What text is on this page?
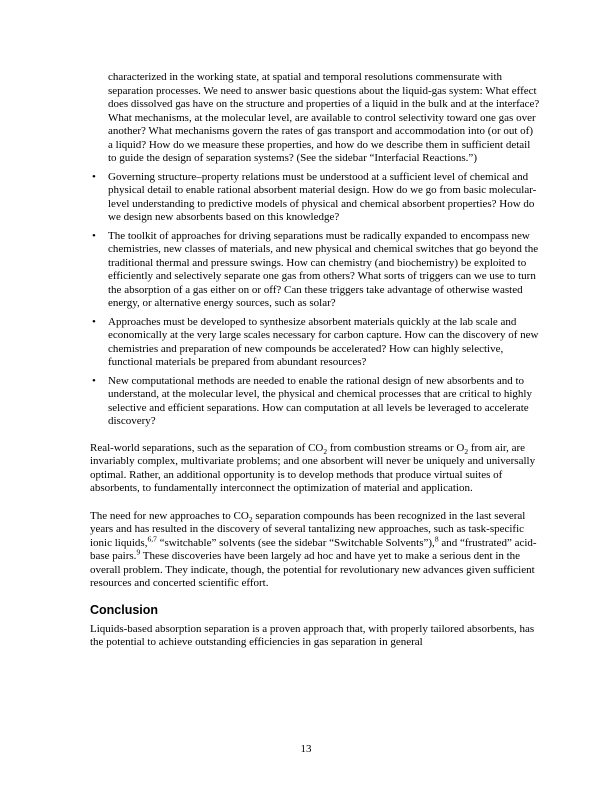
characterized in the working state, at spatial and temporal resolutions commensurate with separation processes. We need to answer basic questions about the liquid-gas system: What effect does dissolved gas have on the structure and properties of a liquid in the bulk and at the interface? What mechanisms, at the molecular level, are available to control selectivity toward one gas over another? What mechanisms govern the rates of gas transport and accommodation into (or out of) a liquid? How do we measure these properties, and how do we describe them in sufficient detail to guide the design of separation systems? (See the sidebar “Interfacial Reactions.”)

• Governing structure–property relations must be understood at a sufficient level of chemical and physical detail to enable rational absorbent material design. How do we go from basic molecular-level understanding to predictive models of physical and chemical absorbent properties? How do we design new absorbents based on this knowledge?
• The toolkit of approaches for driving separations must be radically expanded to encompass new chemistries, new classes of materials, and new physical and chemical switches that go beyond the traditional thermal and pressure swings. How can chemistry (and biochemistry) be exploited to efficiently and selectively separate one gas from others? What sorts of triggers can we use to turn the absorption of a gas either on or off? Can these triggers take advantage of otherwise wasted energy, or alternative energy sources, such as solar?
• Approaches must be developed to synthesize absorbent materials quickly at the lab scale and economically at the very large scales necessary for carbon capture. How can the discovery of new chemistries and preparation of new compounds be accelerated? How can highly selective, functional materials be prepared from abundant resources?
• New computational methods are needed to enable the rational design of new absorbents and to understand, at the molecular level, the physical and chemical processes that are critical to highly selective and efficient separations. How can computation at all levels be leveraged to accelerate discovery?

Real-world separations, such as the separation of $CO_2$ from combustion streams or $O_2$ from air, are invariably complex, multivariate problems; and one absorbent will never be uniquely and universally optimal. Rather, an additional opportunity is to develop methods that produce virtual suites of absorbents, to fundamentally interconnect the optimization of material and application.

The need for new approaches to $CO_2$ separation compounds has been recognized in the last several years and has resulted in the discovery of several tantalizing new approaches, such as task-specific ionic liquids,$^{6,7}$ “switchable” solvents (see the sidebar “Switchable Solvents”),$^8$ and “frustrated” acid-base pairs.$^9$ These discoveries have been largely ad hoc and have yet to make a serious dent in the overall problem. They indicate, though, the potential for revolutionary new advances given sufficient resources and concerted scientific effort.

Conclusion

Liquids-based absorption separation is a proven approach that, with properly tailored absorbents, has the potential to achieve outstanding efficiencies in gas separation in general

13
